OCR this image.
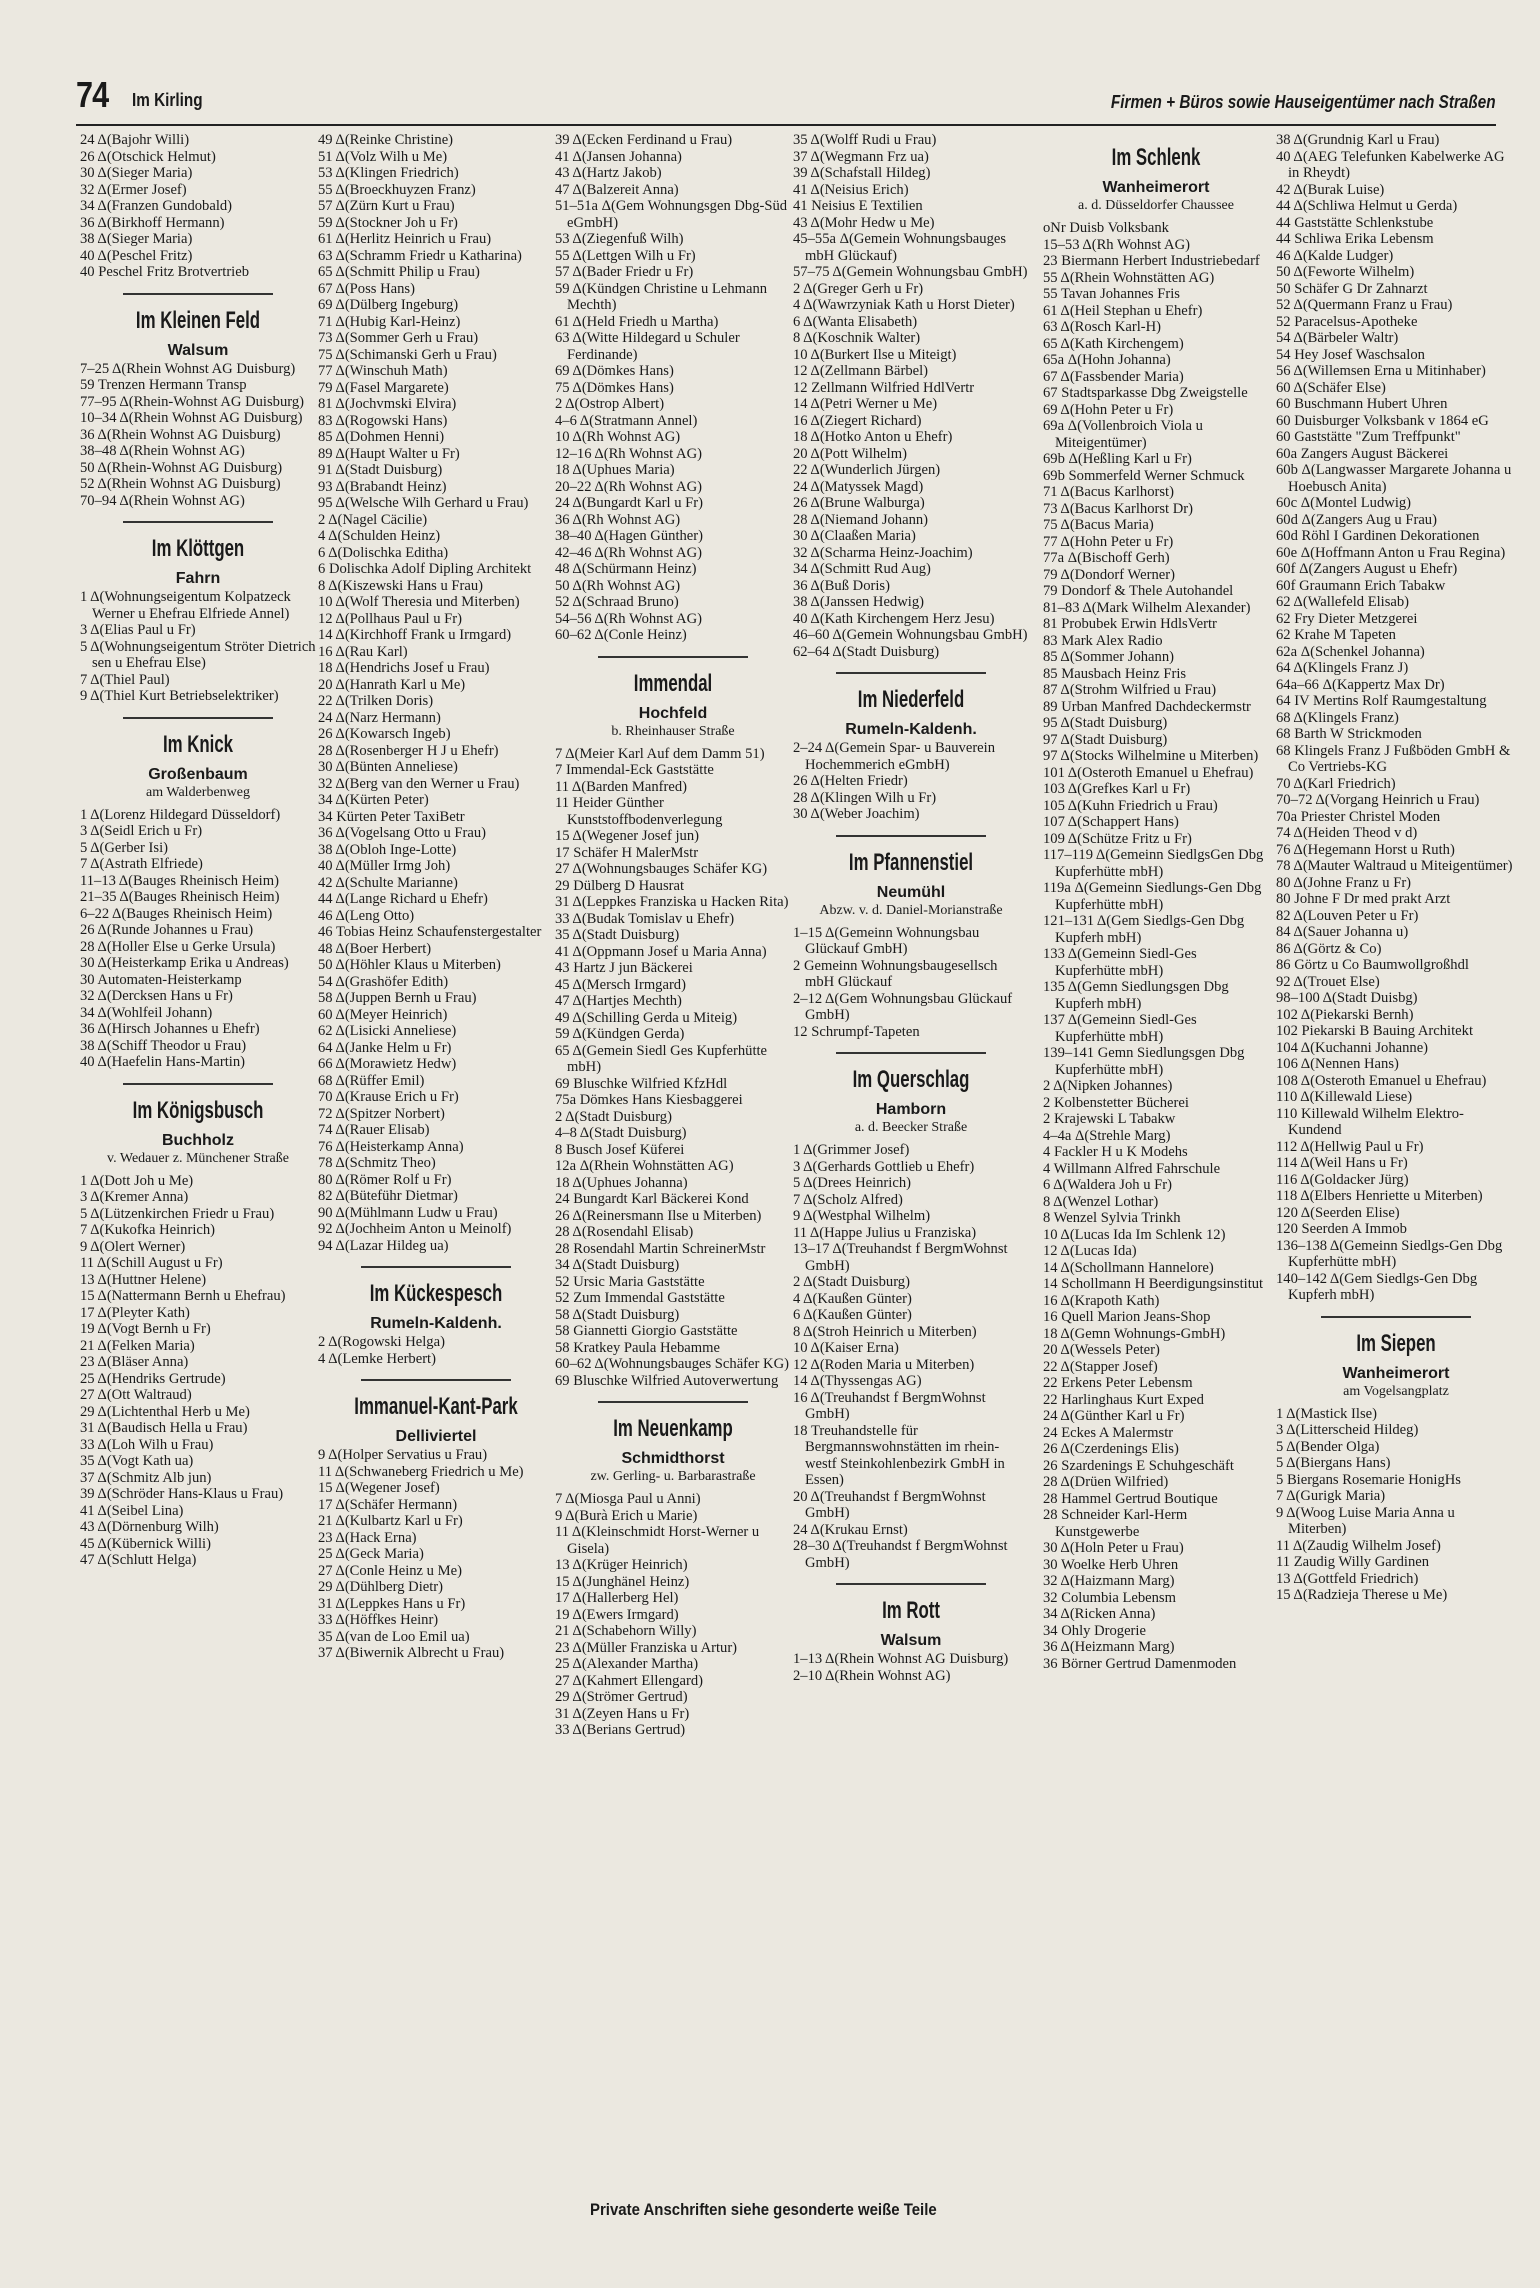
74 Im Kirling	Firmen + Büros sowie Hauseigentümer nach Straßen
24 Δ(Bajohr Willi)
26 Δ(Otschick Helmut)
30 Δ(Sieger Maria)
32 Δ(Ermer Josef)
34 Δ(Franzen Gundobald)
36 Δ(Birkhoff Hermann)
38 Δ(Sieger Maria)
40 Δ(Peschel Fritz)
40 Peschel Fritz Brotvertrieb
Im Kleinen Feld
Walsum
7–25 Δ(Rhein Wohnst AG Duisburg)
59 Trenzen Hermann Transp
77–95 Δ(Rhein-Wohnst AG Duisburg)
10–34 Δ(Rhein Wohnst AG Duisburg)
36 Δ(Rhein Wohnst AG Duisburg)
38–48 Δ(Rhein Wohnst AG)
50 Δ(Rhein-Wohnst AG Duisburg)
52 Δ(Rhein Wohnst AG Duisburg)
70–94 Δ(Rhein Wohnst AG)
Im Klöttgen
Fahrn
1 Δ(Wohnungseigentum Kolpatzeck Werner u Ehefrau Elfriede Annel)
3 Δ(Elias Paul u Fr)
5 Δ(Wohnungseigentum Ströter Dietrich sen u Ehefrau Else)
7 Δ(Thiel Paul)
9 Δ(Thiel Kurt Betriebselektriker)
Im Knick
Großenbaum
am Walderbenweg
1 Δ(Lorenz Hildegard Düsseldorf)
3 Δ(Seidl Erich u Fr)
5 Δ(Gerber Isi)
7 Δ(Astrath Elfriede)
11–13 Δ(Bauges Rheinisch Heim)
21–35 Δ(Bauges Rheinisch Heim)
6–22 Δ(Bauges Rheinisch Heim)
26 Δ(Runde Johannes u Frau)
28 Δ(Holler Else u Gerke Ursula)
30 Δ(Heisterkamp Erika u Andreas)
30 Automaten-Heisterkamp
32 Δ(Dercksen Hans u Fr)
34 Δ(Wohlfeil Johann)
36 Δ(Hirsch Johannes u Ehefr)
38 Δ(Schiff Theodor u Frau)
40 Δ(Haefelin Hans-Martin)
Im Königsbusch
Buchholz
v. Wedauer z. Münchener Straße
1 Δ(Dott Joh u Me)
3 Δ(Kremer Anna)
5 Δ(Lützenkirchen Friedr u Frau)
7 Δ(Kukofka Heinrich)
9 Δ(Olert Werner)
11 Δ(Schill August u Fr)
13 Δ(Huttner Helene)
15 Δ(Nattermann Bernh u Ehefrau)
17 Δ(Pleyter Kath)
19 Δ(Vogt Bernh u Fr)
21 Δ(Felken Maria)
23 Δ(Bläser Anna)
25 Δ(Hendriks Gertrude)
27 Δ(Ott Waltraud)
29 Δ(Lichtenthal Herb u Me)
31 Δ(Baudisch Hella u Frau)
33 Δ(Loh Wilh u Frau)
35 Δ(Vogt Kath ua)
37 Δ(Schmitz Alb jun)
39 Δ(Schröder Hans-Klaus u Frau)
41 Δ(Seibel Lina)
43 Δ(Dörnenburg Wilh)
45 Δ(Kübernick Willi)
47 Δ(Schlutt Helga)
49 Δ(Reinke Christine)
51 Δ(Volz Wilh u Me)
53 Δ(Klingen Friedrich)
55 Δ(Broeckhuyzen Franz)
57 Δ(Zürn Kurt u Frau)
59 Δ(Stockner Joh u Fr)
61 Δ(Herlitz Heinrich u Frau)
63 Δ(Schramm Friedr u Katharina)
65 Δ(Schmitt Philip u Frau)
67 Δ(Poss Hans)
69 Δ(Dülberg Ingeburg)
71 Δ(Hubig Karl-Heinz)
73 Δ(Sommer Gerh u Frau)
75 Δ(Schimanski Gerh u Frau)
77 Δ(Winschuh Math)
79 Δ(Fasel Margarete)
81 Δ(Jochvmski Elvira)
83 Δ(Rogowski Hans)
85 Δ(Dohmen Henni)
89 Δ(Haupt Walter u Fr)
91 Δ(Stadt Duisburg)
93 Δ(Brabandt Heinz)
95 Δ(Welsche Wilh Gerhard u Frau)
2 Δ(Nagel Cäcilie)
4 Δ(Schulden Heinz)
6 Δ(Dolischka Editha)
6 Dolischka Adolf Dipling Architekt
8 Δ(Kiszewski Hans u Frau)
10 Δ(Wolf Theresia und Miterben)
12 Δ(Pollhaus Paul u Fr)
14 Δ(Kirchhoff Frank u Irmgard)
16 Δ(Rau Karl)
18 Δ(Hendrichs Josef u Frau)
20 Δ(Hanrath Karl u Me)
22 Δ(Trilken Doris)
24 Δ(Narz Hermann)
26 Δ(Kowarsch Ingeb)
28 Δ(Rosenberger H J u Ehefr)
30 Δ(Bünten Anneliese)
32 Δ(Berg van den Werner u Frau)
34 Δ(Kürten Peter)
34 Kürten Peter TaxiBetr
36 Δ(Vogelsang Otto u Frau)
38 Δ(Obloh Inge-Lotte)
40 Δ(Müller Irmg Joh)
42 Δ(Schulte Marianne)
44 Δ(Lange Richard u Ehefr)
46 Δ(Leng Otto)
46 Tobias Heinz Schaufenstergestalter
48 Δ(Boer Herbert)
50 Δ(Höhler Klaus u Miterben)
54 Δ(Grashöfer Edith)
58 Δ(Juppen Bernh u Frau)
60 Δ(Meyer Heinrich)
62 Δ(Lisicki Anneliese)
64 Δ(Janke Helm u Fr)
66 Δ(Morawietz Hedw)
68 Δ(Rüffer Emil)
70 Δ(Krause Erich u Fr)
72 Δ(Spitzer Norbert)
74 Δ(Rauer Elisab)
76 Δ(Heisterkamp Anna)
78 Δ(Schmitz Theo)
80 Δ(Römer Rolf u Fr)
82 Δ(Büteführ Dietmar)
90 Δ(Mühlmann Ludw u Frau)
92 Δ(Jochheim Anton u Meinolf)
94 Δ(Lazar Hildeg ua)
Im Kückespesch
Rumeln-Kaldenh.
2 Δ(Rogowski Helga)
4 Δ(Lemke Herbert)
Immanuel-Kant-Park
Delliviertel
9 Δ(Holper Servatius u Frau)
11 Δ(Schwaneberg Friedrich u Me)
15 Δ(Wegener Josef)
17 Δ(Schäfer Hermann)
21 Δ(Kulbartz Karl u Fr)
23 Δ(Hack Erna)
25 Δ(Geck Maria)
27 Δ(Conle Heinz u Me)
29 Δ(Dühlberg Dietr)
31 Δ(Leppkes Hans u Fr)
33 Δ(Höffkes Heinr)
35 Δ(van de Loo Emil ua)
37 Δ(Biwernik Albrecht u Frau)
39 Δ(Ecken Ferdinand u Frau)
41 Δ(Jansen Johanna)
43 Δ(Hartz Jakob)
47 Δ(Balzereit Anna)
51–51a Δ(Gem Wohnungsgen Dbg-Süd eGmbH)
53 Δ(Ziegenfuß Wilh)
55 Δ(Lettgen Wilh u Fr)
57 Δ(Bader Friedr u Fr)
59 Δ(Kündgen Christine u Lehmann Mechth)
61 Δ(Held Friedh u Martha)
63 Δ(Witte Hildegard u Schuler Ferdinande)
69 Δ(Dömkes Hans)
75 Δ(Dömkes Hans)
2 Δ(Ostrop Albert)
4–6 Δ(Stratmann Annel)
10 Δ(Rh Wohnst AG)
12–16 Δ(Rh Wohnst AG)
18 Δ(Uphues Maria)
20–22 Δ(Rh Wohnst AG)
24 Δ(Bungardt Karl u Fr)
36 Δ(Rh Wohnst AG)
38–40 Δ(Hagen Günther)
42–46 Δ(Rh Wohnst AG)
48 Δ(Schürmann Heinz)
50 Δ(Rh Wohnst AG)
52 Δ(Schraad Bruno)
54–56 Δ(Rh Wohnst AG)
60–62 Δ(Conle Heinz)
Immendal
Hochfeld
b. Rheinhauser Straße
7 Δ(Meier Karl Auf dem Damm 51)
7 Immendal-Eck Gaststätte
11 Δ(Barden Manfred)
11 Heider Günther Kunststoffbodenverlegung
15 Δ(Wegener Josef jun)
17 Schäfer H MalerMstr
27 Δ(Wohnungsbauges Schäfer KG)
29 Dülberg D Hausrat
31 Δ(Leppkes Franziska u Hacken Rita)
33 Δ(Budak Tomislav u Ehefr)
35 Δ(Stadt Duisburg)
41 Δ(Oppmann Josef u Maria Anna)
43 Hartz J jun Bäckerei
45 Δ(Mersch Irmgard)
47 Δ(Hartjes Mechth)
49 Δ(Schilling Gerda u Miteig)
59 Δ(Kündgen Gerda)
65 Δ(Gemein Siedl Ges Kupferhütte mbH)
69 Bluschke Wilfried KfzHdl
75a Dömkes Hans Kiesbaggerei
2 Δ(Stadt Duisburg)
4–8 Δ(Stadt Duisburg)
8 Busch Josef Küferei
12a Δ(Rhein Wohnstätten AG)
18 Δ(Uphues Johanna)
24 Bungardt Karl Bäckerei Kond
26 Δ(Reinersmann Ilse u Miterben)
28 Δ(Rosendahl Elisab)
28 Rosendahl Martin SchreinerMstr
34 Δ(Stadt Duisburg)
52 Ursic Maria Gaststätte
52 Zum Immendal Gaststätte
58 Δ(Stadt Duisburg)
58 Giannetti Giorgio Gaststätte
58 Kratkey Paula Hebamme
60–62 Δ(Wohnungsbauges Schäfer KG)
69 Bluschke Wilfried Autoverwertung
Im Neuenkamp
Schmidthorst
zw. Gerling- u. Barbarastraße
7 Δ(Miosga Paul u Anni)
9 Δ(Burà Erich u Marie)
11 Δ(Kleinschmidt Horst-Werner u Gisela)
13 Δ(Krüger Heinrich)
15 Δ(Junghänel Heinz)
17 Δ(Hallerberg Hel)
19 Δ(Ewers Irmgard)
21 Δ(Schabehorn Willy)
23 Δ(Müller Franziska u Artur)
25 Δ(Alexander Martha)
27 Δ(Kahmert Ellengard)
29 Δ(Strömer Gertrud)
31 Δ(Zeyen Hans u Fr)
33 Δ(Berians Gertrud)
35 Δ(Wolff Rudi u Frau)
37 Δ(Wegmann Frz ua)
39 Δ(Schafstall Hildeg)
41 Δ(Neisius Erich)
41 Neisius E Textilien
43 Δ(Mohr Hedw u Me)
45–55a Δ(Gemein Wohnungsbauges mbH Glückauf)
57–75 Δ(Gemein Wohnungsbau GmbH)
2 Δ(Greger Gerh u Fr)
4 Δ(Wawrzyniak Kath u Horst Dieter)
6 Δ(Wanta Elisabeth)
8 Δ(Koschnik Walter)
10 Δ(Burkert Ilse u Miteigt)
12 Δ(Zellmann Bärbel)
12 Zellmann Wilfried HdlVertr
14 Δ(Petri Werner u Me)
16 Δ(Ziegert Richard)
18 Δ(Hotko Anton u Ehefr)
20 Δ(Pott Wilhelm)
22 Δ(Wunderlich Jürgen)
24 Δ(Matyssek Magd)
26 Δ(Brune Walburga)
28 Δ(Niemand Johann)
30 Δ(Claaßen Maria)
32 Δ(Scharma Heinz-Joachim)
34 Δ(Schmitt Rud Aug)
36 Δ(Buß Doris)
38 Δ(Janssen Hedwig)
40 Δ(Kath Kirchengem Herz Jesu)
46–60 Δ(Gemein Wohnungsbau GmbH)
62–64 Δ(Stadt Duisburg)
Im Niederfeld
Rumeln-Kaldenh.
2–24 Δ(Gemein Spar- u Bauverein Hochemmerich eGmbH)
26 Δ(Helten Friedr)
28 Δ(Klingen Wilh u Fr)
30 Δ(Weber Joachim)
Im Pfannenstiel
Neumühl
Abzw. v. d. Daniel-Morianstraße
1–15 Δ(Gemeinn Wohnungsbau Glückauf GmbH)
2 Gemeinn Wohnungsbaugesellsch mbH Glückauf
2–12 Δ(Gem Wohnungsbau Glückauf GmbH)
12 Schrumpf-Tapeten
Im Querschlag
Hamborn
a. d. Beecker Straße
1 Δ(Grimmer Josef)
3 Δ(Gerhards Gottlieb u Ehefr)
5 Δ(Drees Heinrich)
7 Δ(Scholz Alfred)
9 Δ(Westphal Wilhelm)
11 Δ(Happe Julius u Franziska)
13–17 Δ(Treuhandst f BergmWohnst GmbH)
2 Δ(Stadt Duisburg)
4 Δ(Kaußen Günter)
6 Δ(Kaußen Günter)
8 Δ(Stroh Heinrich u Miterben)
10 Δ(Kaiser Erna)
12 Δ(Roden Maria u Miterben)
14 Δ(Thyssengas AG)
16 Δ(Treuhandst f BergmWohnst GmbH)
18 Treuhandstelle für Bergmannswohnstätten im rhein-westf Steinkohlenbezirk GmbH in Essen)
20 Δ(Treuhandst f BergmWohnst GmbH)
24 Δ(Krukau Ernst)
28–30 Δ(Treuhandst f BergmWohnst GmbH)
Im Rott
Walsum
1–13 Δ(Rhein Wohnst AG Duisburg)
2–10 Δ(Rhein Wohnst AG)
Im Schlenk
Wanheimerort
a. d. Düsseldorfer Chaussee
oNr Duisb Volksbank
15–53 Δ(Rh Wohnst AG)
23 Biermann Herbert Industriebedarf
55 Δ(Rhein Wohnstätten AG)
55 Tavan Johannes Fris
61 Δ(Heil Stephan u Ehefr)
63 Δ(Rosch Karl-H)
65 Δ(Kath Kirchengem)
65a Δ(Hohn Johanna)
67 Δ(Fassbender Maria)
67 Stadtsparkasse Dbg Zweigstelle
69 Δ(Hohn Peter u Fr)
69a Δ(Vollenbroich Viola u Miteigentümer)
69b Δ(Heßling Karl u Fr)
69b Sommerfeld Werner Schmuck
71 Δ(Bacus Karlhorst)
73 Δ(Bacus Karlhorst Dr)
75 Δ(Bacus Maria)
77 Δ(Hohn Peter u Fr)
77a Δ(Bischoff Gerh)
79 Δ(Dondorf Werner)
79 Dondorf & Thele Autohandel
81–83 Δ(Mark Wilhelm Alexander)
81 Probubek Erwin HdlsVertr
83 Mark Alex Radio
85 Δ(Sommer Johann)
85 Mausbach Heinz Fris
87 Δ(Strohm Wilfried u Frau)
89 Urban Manfred Dachdeckermstr
95 Δ(Stadt Duisburg)
97 Δ(Stadt Duisburg)
97 Δ(Stocks Wilhelmine u Miterben)
101 Δ(Osteroth Emanuel u Ehefrau)
103 Δ(Grefkes Karl u Fr)
105 Δ(Kuhn Friedrich u Frau)
107 Δ(Schappert Hans)
109 Δ(Schütze Fritz u Fr)
117–119 Δ(Gemeinn SiedlgsGen Dbg Kupferhütte mbH)
119a Δ(Gemeinn Siedlungs-Gen Dbg Kupferhütte mbH)
121–131 Δ(Gem Siedlgs-Gen Dbg Kupferh mbH)
133 Δ(Gemeinn Siedl-Ges Kupferhütte mbH)
135 Δ(Gemn Siedlungsgen Dbg Kupferh mbH)
137 Δ(Gemeinn Siedl-Ges Kupferhütte mbH)
139–141 Gemn Siedlungsgen Dbg Kupferhütte mbH)
2 Δ(Nipken Johannes)
2 Kolbenstetter Bücherei
2 Krajewski L Tabakw
4–4a Δ(Strehle Marg)
4 Fackler H u K Modehs
4 Willmann Alfred Fahrschule
6 Δ(Waldera Joh u Fr)
8 Δ(Wenzel Lothar)
8 Wenzel Sylvia Trinkh
10 Δ(Lucas Ida Im Schlenk 12)
12 Δ(Lucas Ida)
14 Δ(Schollmann Hannelore)
14 Schollmann H Beerdigungsinstitut
16 Δ(Krapoth Kath)
16 Quell Marion Jeans-Shop
18 Δ(Gemn Wohnungs-GmbH)
20 Δ(Wessels Peter)
22 Δ(Stapper Josef)
22 Erkens Peter Lebensm
22 Harlinghaus Kurt Exped
24 Δ(Günther Karl u Fr)
24 Eckes A Malermstr
26 Δ(Czerdenings Elis)
26 Szardenings E Schuhgeschäft
28 Δ(Drüen Wilfried)
28 Hammel Gertrud Boutique
28 Schneider Karl-Herm Kunstgewerbe
30 Δ(Holn Peter u Frau)
30 Woelke Herb Uhren
32 Δ(Haizmann Marg)
32 Columbia Lebensm
34 Δ(Ricken Anna)
34 Ohly Drogerie
36 Δ(Heizmann Marg)
36 Börner Gertrud Damenmoden
38 Δ(Grundnig Karl u Frau)
40 Δ(AEG Telefunken Kabelwerke AG in Rheydt)
42 Δ(Burak Luise)
44 Δ(Schliwa Helmut u Gerda)
44 Gaststätte Schlenkstube
44 Schliwa Erika Lebensm
46 Δ(Kalde Ludger)
50 Δ(Feworte Wilhelm)
50 Schäfer G Dr Zahnarzt
52 Δ(Quermann Franz u Frau)
52 Paracelsus-Apotheke
54 Δ(Bärbeler Waltr)
54 Hey Josef Waschsalon
56 Δ(Willemsen Erna u Mitinhaber)
60 Δ(Schäfer Else)
60 Buschmann Hubert Uhren
60 Duisburger Volksbank v 1864 eG
60 Gaststätte "Zum Treffpunkt"
60a Zangers August Bäckerei
60b Δ(Langwasser Margarete Johanna u Hoebusch Anita)
60c Δ(Montel Ludwig)
60d Δ(Zangers Aug u Frau)
60d Röhl I Gardinen Dekorationen
60e Δ(Hoffmann Anton u Frau Regina)
60f Δ(Zangers August u Ehefr)
60f Graumann Erich Tabakw
62 Δ(Wallefeld Elisab)
62 Fry Dieter Metzgerei
62 Krahe M Tapeten
62a Δ(Schenkel Johanna)
64 Δ(Klingels Franz J)
64a–66 Δ(Kappertz Max Dr)
64 IV Mertins Rolf Raumgestaltung
68 Δ(Klingels Franz)
68 Barth W Strickmoden
68 Klingels Franz J Fußböden GmbH & Co Vertriebs-KG
70 Δ(Karl Friedrich)
70–72 Δ(Vorgang Heinrich u Frau)
70a Priester Christel Moden
74 Δ(Heiden Theod v d)
76 Δ(Hegemann Horst u Ruth)
78 Δ(Mauter Waltraud u Miteigentümer)
80 Δ(Johne Franz u Fr)
80 Johne F Dr med prakt Arzt
82 Δ(Louven Peter u Fr)
84 Δ(Sauer Johanna u)
86 Δ(Görtz & Co)
86 Görtz u Co Baumwollgroßhdl
92 Δ(Trouet Else)
98–100 Δ(Stadt Duisbg)
102 Δ(Piekarski Bernh)
102 Piekarski B Bauing Architekt
104 Δ(Kuchanni Johanne)
106 Δ(Nennen Hans)
108 Δ(Osteroth Emanuel u Ehefrau)
110 Δ(Killewald Liese)
110 Killewald Wilhelm Elektro-Kundend
112 Δ(Hellwig Paul u Fr)
114 Δ(Weil Hans u Fr)
116 Δ(Goldacker Jürg)
118 Δ(Elbers Henriette u Miterben)
120 Δ(Seerden Elise)
120 Seerden A Immob
136–138 Δ(Gemeinn Siedlgs-Gen Dbg Kupferhütte mbH)
140–142 Δ(Gem Siedlgs-Gen Dbg Kupferh mbH)
Im Siepen
Wanheimerort
am Vogelsangplatz
1 Δ(Mastick Ilse)
3 Δ(Litterscheid Hildeg)
5 Δ(Bender Olga)
5 Δ(Biergans Hans)
5 Biergans Rosemarie HonigHs
7 Δ(Gurigk Maria)
9 Δ(Woog Luise Maria Anna u Miterben)
11 Δ(Zaudig Wilhelm Josef)
11 Zaudig Willy Gardinen
13 Δ(Gottfeld Friedrich)
15 Δ(Radzieja Therese u Me)
Private Anschriften siehe gesonderte weiße Teile
